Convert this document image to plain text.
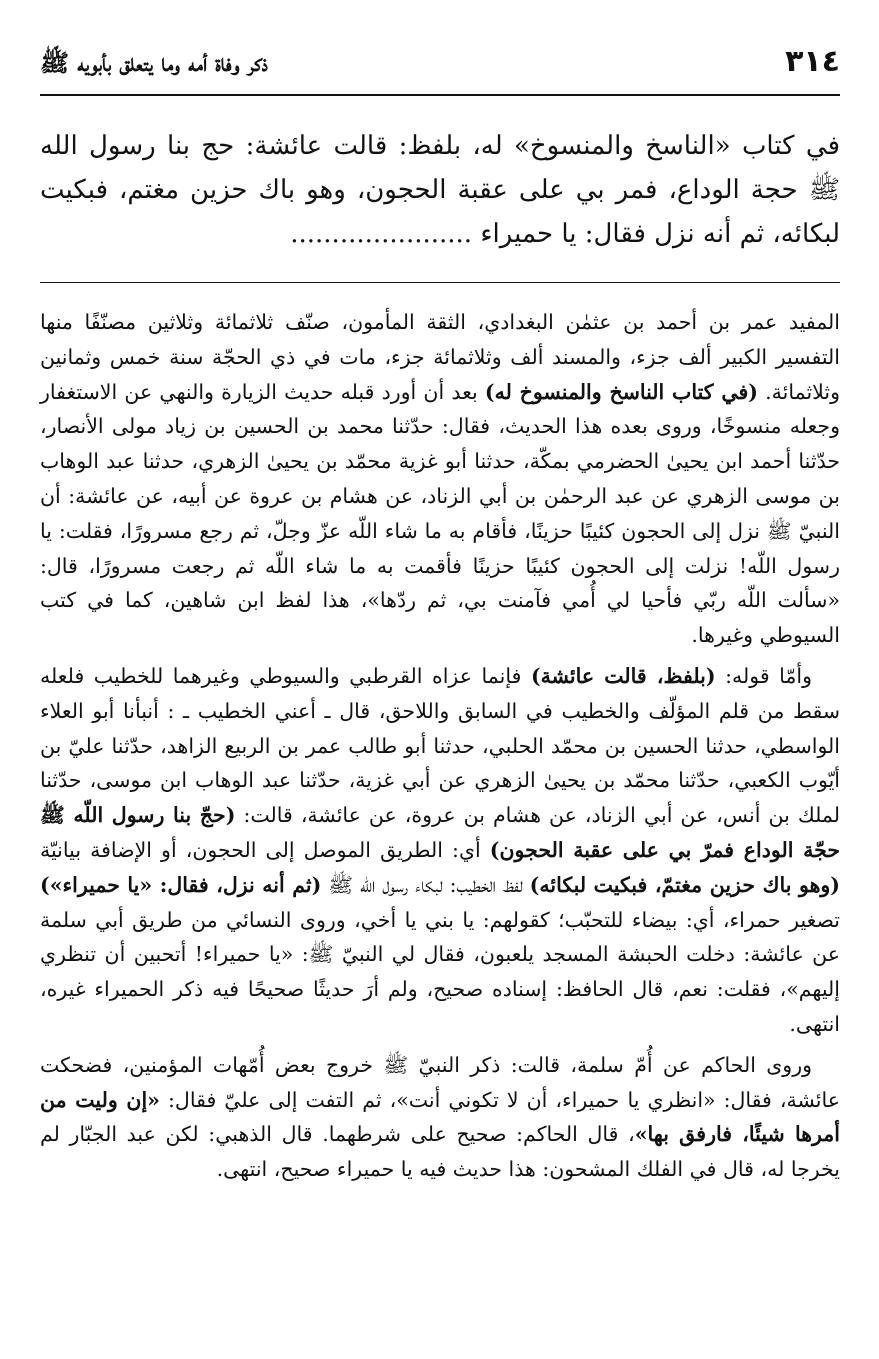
٣١٤
ذكر وفاة أمه وما يتعلق بأبويه ﷺ

في كتاب «الناسخ والمنسوخ» له، بلفظ: قالت عائشة: حج بنا رسول الله ﷺ حجة الوداع، فمر بي على عقبة الحجون، وهو باك حزين مغتم، فبكيت لبكائه، ثم أنه نزل فقال: يا حميراء ......................

المفيد عمر بن أحمد بن عثمٰن البغدادي، الثقة المأمون، صنّف ثلاثمائة وثلاثين مصنّفًا منها التفسير الكبير ألف جزء، والمسند ألف وثلاثمائة جزء، مات في ذي الحجّة سنة خمس وثمانين وثلاثمائة. (في كتاب الناسخ والمنسوخ له) بعد أن أورد قبله حديث الزيارة والنهي عن الاستغفار وجعله منسوخًا، وروى بعده هذا الحديث، فقال: حدّثنا محمد بن الحسين بن زياد مولى الأنصار، حدّثنا أحمد ابن يحيىٰ الحضرمي بمكّة، حدثنا أبو غزية محمّد بن يحيىٰ الزهري، حدثنا عبد الوهاب بن موسى الزهري عن عبد الرحمٰن بن أبي الزناد، عن هشام بن عروة عن أبيه، عن عائشة: أن النبيّ ﷺ نزل إلى الحجون كئيبًا حزينًا، فأقام به ما شاء اللّه عزّ وجلّ، ثم رجع مسرورًا، فقلت: يا رسول اللّه! نزلت إلى الحجون كئيبًا حزينًا فأقمت به ما شاء اللّه ثم رجعت مسرورًا، قال: «سألت اللّه ربّي فأحيا لي أُمي فآمنت بي، ثم ردّها»، هذا لفظ ابن شاهين، كما في كتب السيوطي وغيرها.

وأمّا قوله: (بلفظ، قالت عائشة) فإنما عزاه القرطبي والسيوطي وغيرهما للخطيب فلعله سقط من قلم المؤلّف والخطيب في السابق واللاحق، قال ـ أعني الخطيب ـ : أنبأنا أبو العلاء الواسطي، حدثنا الحسين بن محمّد الحلبي، حدثنا أبو طالب عمر بن الربيع الزاهد، حدّثنا عليّ بن أيّوب الكعبي، حدّثنا محمّد بن يحيىٰ الزهري عن أبي غزية، حدّثنا عبد الوهاب ابن موسى، حدّثنا لملك بن أنس، عن أبي الزناد، عن هشام بن عروة، عن عائشة، قالت: (حجّ بنا رسول اللّه ﷺ حجّة الوداع فمرّ بي على عقبة الحجون) أي: الطريق الموصل إلى الحجون، أو الإضافة بيانيّة (وهو باك حزين مغتمّ، فبكيت لبكائه) لفظ الخطيب: لبكاء رسول اللّه ﷺ (ثم أنه نزل، فقال: «يا حميراء») تصغير حمراء، أي: بيضاء للتحبّب؛ كقولهم: يا بني يا أخي، وروى النسائي من طريق أبي سلمة عن عائشة: دخلت الحبشة المسجد يلعبون، فقال لي النبيّ ﷺ: «يا حميراء! أتحبين أن تنظري إليهم»، فقلت: نعم، قال الحافظ: إسناده صحيح، ولم أرَ حديثًا صحيحًا فيه ذكر الحميراء غيره، انتهى.

وروى الحاكم عن أُمّ سلمة، قالت: ذكر النبيّ ﷺ خروج بعض أُمّهات المؤمنين، فضحكت عائشة، فقال: «انظري يا حميراء، أن لا تكوني أنت»، ثم التفت إلى عليّ فقال: «إن وليت من أمرها شيئًا، فارفق بها»، قال الحاكم: صحيح على شرطهما. قال الذهبي: لكن عبد الجبّار لم يخرجا له، قال في الفلك المشحون: هذا حديث فيه يا حميراء صحيح، انتهى.
